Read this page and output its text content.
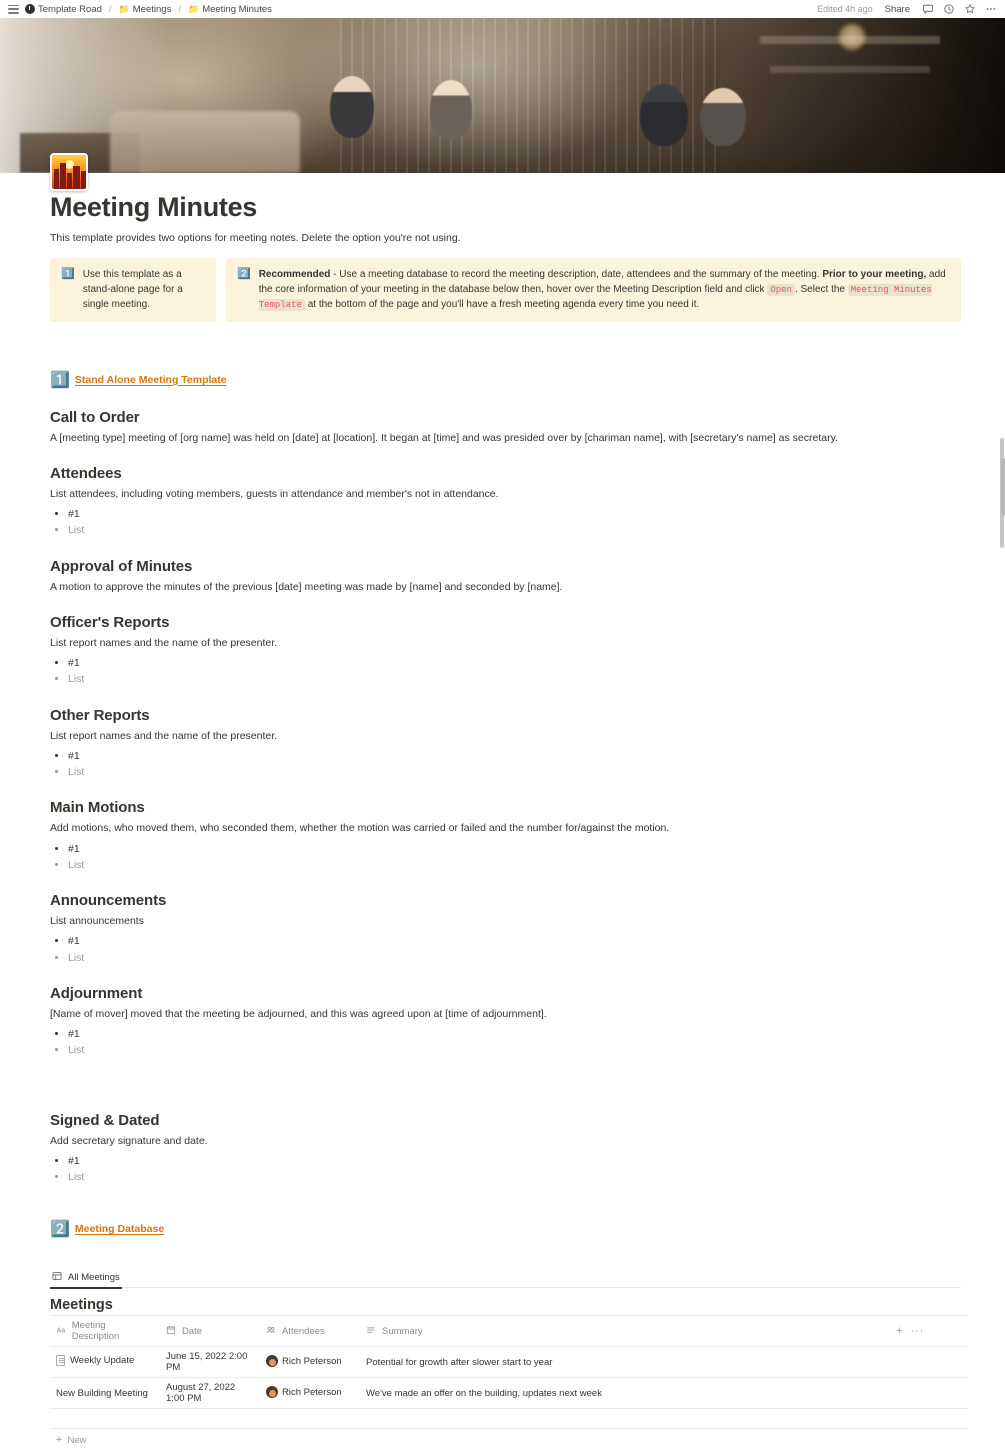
Template Road / 📁 Meetings / 📁 Meeting Minutes	Edited 4h ago	Share
Meeting Minutes

This template provides two options for meeting notes. Delete the option you're not using.

1️⃣ Use this template as a stand-alone page for a single meeting.
2️⃣ Recommended - Use a meeting database to record the meeting description, date, attendees and the summary of the meeting. Prior to your meeting, add the core information of your meeting in the database below then, hover over the Meeting Description field and click Open . Select the Meeting Minutes Template at the bottom of the page and you'll have a fresh meeting agenda every time you need it.
1️⃣ Stand Alone Meeting Template
Call to Order

A [meeting type] meeting of [org name] was held on [date] at [location]. It began at [time] and was presided over by [chariman name], with [secretary's name] as secretary.

Attendees

List attendees, including voting members, guests in attendance and member's not in attendance.

• #1
• List
Approval of Minutes

A motion to approve the minutes of the previous [date] meeting was made by [name] and seconded by [name].

Officer's Reports

List report names and the name of the presenter.

• #1
• List
Other Reports

List report names and the name of the presenter.

• #1
• List
Main Motions

Add motions, who moved them, who seconded them, whether the motion was carried or failed and the number for/against the motion.

• #1
• List
Announcements

List announcements

• #1
• List
Adjournment

[Name of mover] moved that the meeting be adjourned, and this was agreed upon at [time of adjournment].

• #1
• List
Signed & Dated

Add secretary signature and date.

• #1
• List
2️⃣ Meeting Database
All Meetings
Meetings
Aa Meeting Description	Date	Attendees	Summary	+ ···

Weekly Update	June 15, 2022 2:00 PM	Rich Peterson	Potential for growth after slower start to year	

New Building Meeting	August 27, 2022 1:00 PM	Rich Peterson	We've made an offer on the building, updates next week	

+ New
